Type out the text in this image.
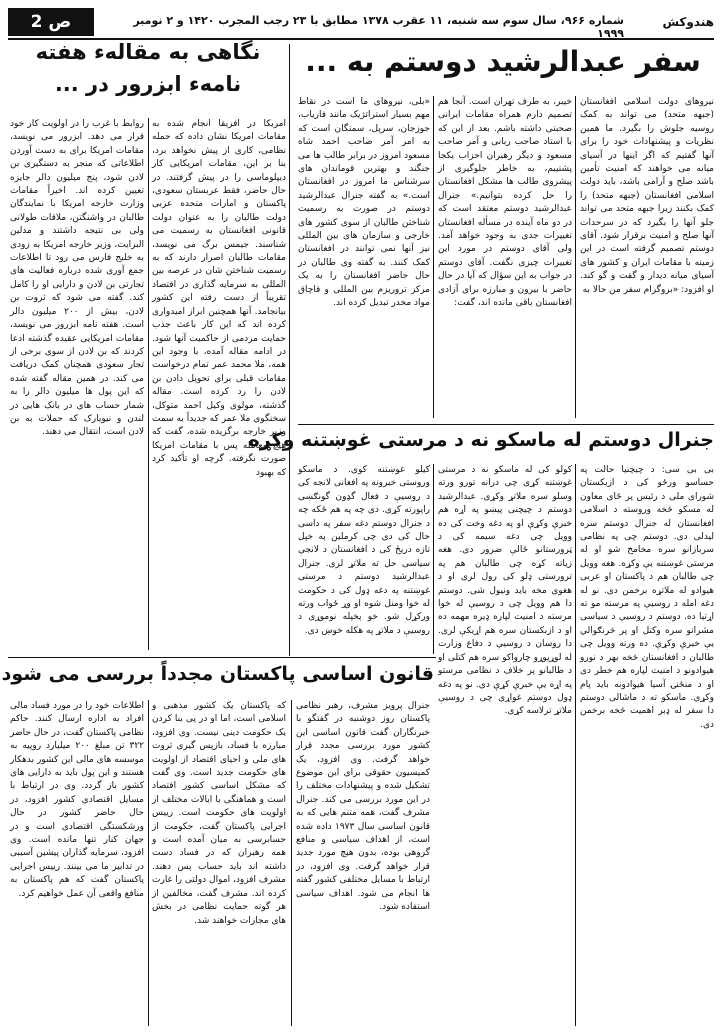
ص 2	شماره ۹۶۶، سال سوم سه شنبه، ۱۱ عقرب ۱۳۷۸ مطابق با ۲۳ رجب المجرب ۱۴۲۰ و ۲ نومبر ۱۹۹۹
هندوکش
سفر عبدالرشید دوستم به ...
نیروهای دولت اسلامی افغانستان (جبهه متحد) می تواند به کمک روسیه جلوش را بگیرد. ما همین نظریات و پیشنهادات خود را برای آنها گفتیم که اگر اینها در آسیای میانه می خواهند که امنیت تأمین باشد صلح و آرامی باشد، باید دولت اسلامی افغانستان (جبهه متحد) را کمک بکنند زیرا جبهه متحد می تواند جلو آنها را بگیرد که در سرحدات آنها صلح و امنیت برقرار شود. آقای دوستم تصمیم گرفته است در این زمینه با مقامات ایران و کشور های آسیای میانه دیدار و گفت و گو کند. او افزود: «بروگرام سفر من حالا به
خیبر، به طرف تهران است. آنجا هم تصمیم دارم همراه مقامات ایرانی صحبتی داشته باشم. بعد از این که با استاد صاحب ربانی و آمر صاحب مسعود و دیگر رهبران احزاب یکجا پشتیبم، به خاطر جلوگیری از پیشروی طالب ها مشکل افغانستان را حل کرده بتوانیم.» جنرال عبدالرشید دوستم معتقد است که در دو ماه آینده در مسأله افغانستان تغییرات جدی به وجود خواهد آمد. ولی آقای دوستم در مورد این تغییرات چیزی نگفت. آقای دوستم در جواب به این سؤال که آیا در حال حاضر با بیرون و مبارزه برای آزادی افغانستان باقی مانده اند، گفت:
«بلی، نیروهای ما است در نقاط مهم بسیار استراتژیک مانند فاریاب، جوزجان، سرپل، سمنگان است که به امر آمر صاحب احمد شاه مسعود امروز در برابر طالب ها می جنگند و بهترین قوماندان های سرشناس ما امروز در افغانستان است.» به گفته جنرال عبدالرشید دوستم در صورت به رسمیت شناختن طالبان از سوی کشور های خارجی و سازمان های بین المللی نیز آنها نمی توانند در افغانستان کمک کنند. به گفته وی طالبان در حال حاضر افغانستان را به یک مرکز تروریزم بین المللی و قاچاق مواد مخدر تبدیل کرده اند.
نگاهی به مقالهء هفته
نامهء ابزرور در ...
امریکا در افریقا انجام شده به مقامات امریکا نشان داده که حمله نظامی، کاری از پیش نخواهد برد، بنا بر این، مقامات امریکایی کار دیپلوماسی را در پیش گرفتند. در حال حاضر، فقط عربستان سعودی، پاکستان و امارات متحده عربی دولت طالبان را به عنوان دولت قانونی افغانستان به رسمیت می شناسند. جیمس برگ می نویسد، مقامات طالبان اصرار دارند که به رسمیت شناختن شان در عرصه بین المللی به سرمایه گذاری در اقتصاد تقریباً از دست رفته این کشور بیانجامد. آنها همچنین ابراز امیدواری کرده اند که این کار باعث جذب حمایت مردمی از حاکمیت آنها شود. در ادامه مقاله آمده، با وجود این همه، ملا محمد عمر تمام درخواست مقامات قبلی برای تحویل دادن بن لادن را رد کرده است. مقاله گذشته، مولوی وکیل احمد متوکل، سخنگوی ملا عمر که جدیداً به سمت وزیر خارجه برگزیده شده، گفت که هیچ معامله پس با مقامات امریکا صورت نگرفته. گرچه او تأکید کرد که بهبود
روابط با غرب را در اولویت کار خود قرار می دهد. ابزرور می نویسد، مقامات امریکا برای به دست آوردن اطلاعاتی که منجر به دستگیری بن لادن شود، پنج میلیون دالر جایزه تعیین کرده اند. اخیراً مقامات وزارت خارجه امریکا با نمایندگان طالبان در واشنگتن، ملاقات طولانی ولی بی نتیجه داشتند و مدلین البرایت، وزیر خارجه امریکا به زودی به خلیج فارس می رود تا اطلاعات جمع آوری شده درباره فعالیت های تجارتی بن لادن و دارایی او را کامل کند. گفته می شود که ثروت بن لادن، بیش از ۲۰۰ میلیون دالر است. هفته نامه ابزرور می نویسد، مقامات امریکایی عقیده گذشته ادعا کردند که بن لادن از سوی برخی از تجار سعودی همچنان کمک دریافت می کند. در همین مقاله گفته شده که این پول ها میلیون دالر را به شمار حساب های در بانک هایی در لندن و نیویارک که حملات به بن لادن است، انتقال می دهند.	جنرال دوستم له ماسکو نه د مرستی غوښتنه وکړه
بی بی سی: د چیچنیا حالت په حساسو ورځو کی د ازبکستان شورای ملی د رئیس پر ځای معاون له مسکو څخه وروسته د اسلامی افغانستان له جنرال دوستم سره لیدلی دی. دوستم چی په نظامی سربازانو سره مخامخ شو او له مرستی غوښتنه یې وکړه. هغه وویل چی طالبان هم د پاکستان او عربی هیوادو له ملاتړه برخمن دی. نو له دغه امله د روسیې په مرسته مو ته اړتیا ده. دوستم د روسیې د سیاسی مشرانو سره وکتل او پر څرنګوالي یې خبرې وکړې. ده ورته وویل چی طالبان د افغانستان څخه بهر د نورو هیوادونو د امنیت لپاره هم خطر دی او د منځنۍ آسیا هیوادونه باید پام وکړي. ماسکو ته د ماشالی دوستم دا سفر له ډیر اهمیت څخه برخمن دی.
کولو کی له ماسکو نه د مرستی غوښتنه کړی چی درانه تورو ورته وسلو سره ملاتړ وکړی. عبدالرشید دوستم د چیچنی پیښو په اړه هم خبرې وکړې او په دغه وخت کی ده وویل چی دغه سیمه کی د ټرورستانو ځالې ضرور دی. هغه زیاته کړه چی طالبان هم په ترورستی ډلو کی رول لری او د هغوی مخه باید ونیول شی. دوستم دا هم وویل چی د روسیې له خوا مرسته د امنیت لپاره ډیره مهمه ده او د ازبکستان سره هم اړیکې لری. دا روسان د روسیې د دفاع وزارت له لوړپوړو چارواکو سره هم کتلی او د طالبانو پر خلاف د نظامی مرستو په اړه یې خبرې کړې دی. نو په دغه ډول دوستم غواړی چی د روسیې ملاتړ ترلاسه کړی.
کیلو غوښتنه کوی. د ماسکو وروستی خبرونه په افغانی لانجه کی د روسیې د فعال گډون گونګښی راپورته کړی. دی چه په هم ځکه چه د جنرال دوستم دغه سفر په داسی حال کی دی چی کرملین په خپل تازه دریځ کی د افغانستان د لانجې سیاسی حل ته ملاتړ لری. جنرال عبدالرشید دوستم د مرستی غوښتنه په دغه ډول کی د حکومت له خوا ومنل شوه او وړ ځواب ورته ورکړل شو. خو پخپله نوموړی د روسیې د ملاتړ په هکله خوښ دی.
قانون اساسی پاکستان مجدداً بررسی می شود
جنرال پرویز مشرف، رهبر نظامی پاکستان روز دوشنبه در گفتگو با خبرنگاران گفت قانون اساسی این کشور مورد بررسی مجدد قرار خواهد گرفت. وی افزود، یک کمیسیون حقوقی برای این موضوع تشکیل شده و پیشنهادات مختلف را در این مورد بررسی می کند. جنرال مشرف گفت، همه متنم هایی که به قانون اساسی سال ۱۹۷۳ داده شده است، از اهداف سیاسی و منافع گروهی بوده، بدون هیچ مورد جدید قرار خواهد گرفت. وی افزود، در ارتباط با مسایل مختلفی کشور گفته ها انجام می شود. اهداف سیاسی استفاده شود.
که پاکستان یک کشور مذهبی و اسلامی است، اما او در پی بنا کردن یک حکومت دینی نیست. وی افزود، مبارزه با فساد، بازپس گیری ثروت های ملی و احیای اقتصاد از اولویت های حکومت جدید است. وی گفت که مشکل اساسی کشور اقتصاد است و هماهنگی با ایالات مختلف از اولویت های حکومت است. رییس اجرایی پاکستان گفت، حکومت از حسابرسی به میان آمده است و همه رهبران که در فساد دست داشته اند باید حساب پس دهند. مشرف افزود، اموال دولتی را غارت کرده اند. مشرف گفت، مخالفین از هر گونه حمایت نظامی در بخش های مجازات خواهند شد.
اطلاعات خود را در مورد فساد مالی افراد به اداره ارسال کنند. حاکم نظامی پاکستان گفت، در حال حاضر ۳۲۲ تن مبلغ ۲۰۰ میلیارد روپیه به موسسه های مالی این کشور بدهکار هستند و این پول باید به دارایی های کشور باز گردد. وی در ارتباط با مسایل اقتصادی کشور افزود، در حال حاضر کشور در حال ورشکستگی اقتصادی است و در جهان کنار تنها مانده است. وی افزود، سرمایه گذاران پیشین آسیبی در تدابیر ما می بینند. رییس اجرایی پاکستان گفت که هم پاکستان به منافع واقعی آن عمل خواهیم کرد.
